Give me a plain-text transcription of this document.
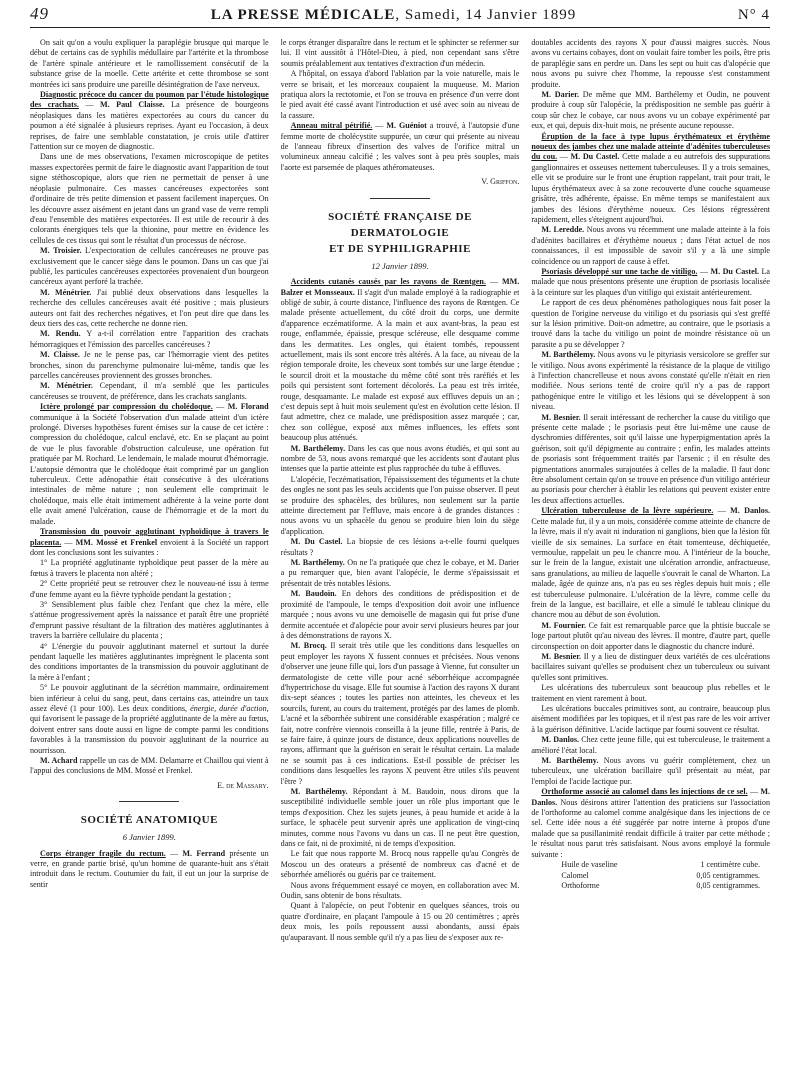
49	LA PRESSE MÉDICALE, Samedi, 14 Janvier 1899	N° 4

On sait qu'on a voulu expliquer la paraplégie brusque qui marque le début de certains cas de syphilis médullaire par l'artérite et la thrombose de l'artère spinale antérieure et le ramollissement consécutif de la substance grise de la moelle. Cette artérite et cette thrombose se sont montrées ici sans produire une pareille désintégration de l'axe nerveux.

Diagnostic précoce du cancer du poumon par l'étude histologique des crachats. — M. Paul Claisse. La présence de bourgeons néoplasiques dans les matières expectorées au cours du cancer du poumon a été signalée à plusieurs reprises. Ayant eu l'occasion, à deux reprises, de faire une semblable constatation, je crois utile d'attirer l'attention sur ce moyen de diagnostic.

Dans une de mes observations, l'examen microscopique de petites masses expectorées permit de faire le diagnostic avant l'apparition de tout signe stéthoscopique, alors que rien ne permettait de penser à une néoplasie pulmonaire. Ces masses cancéreuses expectorées sont d'ordinaire de très petite dimension et passent facilement inaperçues. On les découvre assez aisément en jetant dans un grand vase de verre rempli d'eau l'ensemble des matières expectorées. Il est utile de recourir à des colorants énergiques tels que la thionine, pour mettre en évidence les cellules de ces tissus qui sont le résultat d'un processus de nécrose.

M. Troisier. L'expectoration de cellules cancéreuses ne prouve pas exclusivement que le cancer siège dans le poumon. Dans un cas que j'ai publié, les particules cancéreuses expectorées provenaient d'un bourgeon cancéreux ayant perforé la trachée.

M. Ménétrier. J'ai publié deux observations dans lesquelles la recherche des cellules cancéreuses avait été positive ; mais plusieurs auteurs ont fait des recherches négatives, et l'on peut dire que dans les deux tiers des cas, cette recherche ne donne rien.

M. Rendu. Y a-t-il corrélation entre l'apparition des crachats hémorragiques et l'émission des parcelles cancéreuses ?

M. Claisse. Je ne le pense pas, car l'hémorragie vient des petites bronches, sinon du parenchyme pulmonaire lui-même, tandis que les parcelles cancéreuses proviennent des grosses bronches.

M. Ménétrier. Cependant, il m'a semblé que les particules cancéreuses se trouvent, de préférence, dans les crachats sanglants.

Ictère prolongé par compression du cholédoque. — M. Florand communique à la Société l'observation d'un malade atteint d'un ictère prolongé. Diverses hypothèses furent émises sur la cause de cet ictère : compression du cholédoque, calcul enclavé, etc. En se plaçant au point de vue le plus favorable d'obstruction calculeuse, une opération fut pratiquée par M. Rochard. Le lendemain, le malade mourut d'hémorragie. L'autopsie démontra que le cholédoque était comprimé par un ganglion tuberculeux. Cette adénopathie était consécutive à des ulcérations intestinales de même nature ; non seulement elle comprimait le cholédoque, mais elle était intimement adhérente à la veine porte dont elle avait amené l'ulcération, cause de l'hémorragie et de la mort du malade.

Transmission du pouvoir agglutinant typhoïdique à travers le placenta. — MM. Mossé et Frenkel envoient à la Société un rapport dont les conclusions sont les suivantes :

1° La propriété agglutinante typhoïdique peut passer de la mère au fœtus à travers le placenta non altéré ;

2° Cette propriété peut se retrouver chez le nouveau-né issu à terme d'une femme ayant eu la fièvre typhoïde pendant la gestation ;

3° Sensiblement plus faible chez l'enfant que chez la mère, elle s'atténue progressivement après la naissance et paraît être une propriété d'emprunt passive résultant de la filtration des matières agglutinantes à travers la barrière cellulaire du placenta ;

4° L'énergie du pouvoir agglutinant maternel et surtout la durée pendant laquelle les matières agglutinantes imprègnent le placenta sont des conditions importantes de la transmission du pouvoir agglutinant de la mère à l'enfant ;

5° Le pouvoir agglutinant de la sécrétion mammaire, ordinairement bien inférieur à celui du sang, peut, dans certains cas, atteindre un taux assez élevé (1 pour 100). Les deux conditions, énergie, durée d'action, qui favorisent le passage de la propriété agglutinante de la mère au fœtus, doivent entrer sans doute aussi en ligne de compte parmi les conditions favorables à la transmission du pouvoir agglutinant de la nourrice au nourrisson.

M. Achard rappelle un cas de MM. Delamarre et Chaillou qui vient à l'appui des conclusions de MM. Mossé et Frenkel.

E. de Massary.

SOCIÉTÉ ANATOMIQUE
6 Janvier 1899.

Corps étranger fragile du rectum. — M. Ferrand présente un verre, en grande partie brisé, qu'un homme de quarante-huit ans s'était introduit dans le rectum. Coutumier du fait, il eut un jour la surprise de sentir

le corps étranger disparaître dans le rectum et le sphincter se refermer sur lui. Il vint aussitôt à l'Hôtel-Dieu, à pied, non cependant sans s'être soumis préalablement aux tentatives d'extraction d'un médecin.

A l'hôpital, on essaya d'abord l'ablation par la voie naturelle, mais le verre se brisait, et les morceaux coupaient la muqueuse. M. Marion pratiqua alors la rectotomie, et l'on se trouva en présence d'un verre dont le pied avait été cassé avant l'introduction et usé avec soin au niveau de la cassure.

Anneau mitral pétrifié. — M. Guéniot a trouvé, à l'autopsie d'une femme morte de cholécystite suppurée, un cœur qui présente au niveau de l'anneau fibreux d'insertion des valves de l'orifice mitral un volumineux anneau calcifié ; les valves sont à peu près souples, mais l'aorte est parsemée de plaques athéromateuses.

V. Griffon.

SOCIÉTÉ FRANÇAISE DE DERMATOLOGIE
ET DE SYPHILIGRAPHIE
12 Janvier 1899.

Accidents cutanés causés par les rayons de Rœntgen. — MM. Balzer et Monsseaux. Il s'agit d'un malade employé à la radiographie et obligé de subir, à courte distance, l'influence des rayons de Rœntgen. Ce malade présente actuellement, du côté droit du corps, une dermite d'apparence eczématiforme. A la main et aux avant-bras, la peau est rouge, enflammée, épaissie, presque scléreuse, elle desquame comme dans les dermatites. Les ongles, qui étaient tombés, repoussent actuellement, mais ils sont encore très altérés. A la face, au niveau de la région temporale droite, les cheveux sont tombés sur une large étendue ; le sourcil droit et la moustache du même côté sont très raréfiés et les poils qui persistent sont fortement décolorés. La peau est très irritée, rouge, desquamante. Le malade est exposé aux effluves depuis un an ; c'est depuis sept à huit mois seulement qu'est en évolution cette lésion. Il faut admettre, chez ce malade, une prédisposition assez marquée ; car, chez son collègue, exposé aux mêmes influences, les effets sont beaucoup plus atténués.

M. Barthélemy. Dans les cas que nous avons étudiés, et qui sont au nombre de 53, nous avons remarqué que les accidents sont d'autant plus intenses que la partie atteinte est plus rapprochée du tube à effluves.

L'alopécie, l'eczématisation, l'épaississement des téguments et la chute des ongles ne sont pas les seuls accidents que l'on puisse observer. Il peut se produire des sphacèles, des brûlures, non seulement sur la partie atteinte directement par l'effluve, mais encore à de grandes distances : nous avons vu un sphacèle du genou se produire bien loin du siège d'application.

M. Du Castel. La biopsie de ces lésions a-t-elle fourni quelques résultats ?

M. Barthélemy. On ne l'a pratiquée que chez le cobaye, et M. Darier a pu remarquer que, bien avant l'alopécie, le derme s'épaississait et présentait de très notables lésions.

M. Baudoin. En dehors des conditions de prédisposition et de proximité de l'ampoule, le temps d'exposition doit avoir une influence marquée ; nous avons vu une demoiselle de magasin qui fut prise d'une dermite accentuée et d'alopécie pour avoir servi plusieurs heures par jour à des démonstrations de rayons X.

M. Brocq. Il serait très utile que les conditions dans lesquelles on peut employer les rayons X fussent connues et précisées. Nous venons d'observer une jeune fille qui, lors d'un passage à Vienne, fut consulter un dermatologiste de cette ville pour acné séborrhéique accompagnée d'hypertrichose du visage. Elle fut soumise à l'action des rayons X durant dix-sept séances ; toutes les parties non atteintes, les cheveux et les sourcils, furent, au cours du traitement, protégés par des lames de plomb. L'acné et la séborrhée subirent une considérable exaspération ; malgré ce fait, notre confrère viennois conseilla à la jeune fille, rentrée à Paris, de se faire faire, à quinze jours de distance, deux applications nouvelles de rayons, affirmant que la guérison en serait le résultat certain. La malade ne se soumit pas à ces indications. Est-il possible de préciser les conditions dans lesquelles les rayons X peuvent être utiles s'ils peuvent l'être ?

M. Barthélemy. Répondant à M. Baudoin, nous dirons que la susceptibilité individuelle semble jouer un rôle plus important que le temps d'exposition. Chez les sujets jeunes, à peau humide et acide à la surface, le sphacèle peut survenir après une application de vingt-cinq minutes, comme nous l'avons vu dans un cas. Il ne peut être question, dans ce fait, ni de proximité, ni de temps d'exposition.

Le fait que nous rapporte M. Brocq nous rappelle qu'au Congrès de Moscou un des orateurs a présenté de nombreux cas d'acné et de séborrhée améliorés ou guéris par ce traitement.

Nous avons fréquemment essayé ce moyen, en collaboration avec M. Oudin, sans obtenir de bons résultats.

Quant à l'alopécie, on peut l'obtenir en quelques séances, trois ou quatre d'ordinaire, en plaçant l'ampoule à 15 ou 20 centimètres ; après deux mois, les poils repoussent aussi abondants, aussi épais qu'auparavant. Il nous semble qu'il n'y a pas lieu de s'exposer aux re-

doutables accidents des rayons X pour d'aussi maigres succès. Nous avons vu certains cobayes, dont on voulait faire tomber les poils, être pris de paraplégie sans en perdre un. Dans les sept ou huit cas d'alopécie que nous avons pu suivre chez l'homme, la repousse s'est constamment produite.

M. Darier. De même que MM. Barthélemy et Oudin, ne pouvent produire à coup sûr l'alopécie, la prédisposition ne semble pas guérir à coup sûr chez le cobaye, car nous avons vu un cobaye expérimenté par eux, et qui, depuis dix-huit mois, ne présente aucune repousse.

Éruption de la face à type lupus érythémateux et érythème noueux des jambes chez une malade atteinte d'adénites tuberculeuses du cou. — M. Du Castel. Cette malade a eu autrefois des suppurations ganglionnaires et osseuses nettement tuberculeuses. Il y a trois semaines, elle vit se produire sur le front une éruption rappelant, trait pour trait, le lupus érythémateux avec à sa zone recouverte d'une couche squameuse grisâtre, très adhérente, épaisse. En même temps se manifestaient aux jambes des lésions d'érythème noueux. Ces lésions régressèrent rapidement, elles s'éteignent aujourd'hui.

M. Leredde. Nous avons vu récemment une malade atteinte à la fois d'adénites bacillaires et d'érythème noueux ; dans l'état actuel de nos connaissances, il est impossible de savoir s'il y a là une simple coïncidence ou un rapport de cause à effet.

Psoriasis développé sur une tache de vitiligo. — M. Du Castel. La malade que nous présentons présente une éruption de psoriasis localisée à la ceinture sur les plaques d'un vitiligo qui existait antérieurement.

Le rapport de ces deux phénomènes pathologiques nous fait poser la question de l'origine nerveuse du vitiligo et du psoriasis qui s'est greffé sur la lésion primitive. Doit-on admettre, au contraire, que le psoriasis a trouvé dans la tache du vitiligo un point de moindre résistance où un parasite a pu se développer ?

M. Barthélemy. Nous avons vu le pityriasis versicolore se greffer sur le vitiligo. Nous avons expérimenté la résistance de la plaque de vitiligo à l'infection chancrelleuse et nous avons constaté qu'elle n'était en rien modifiée. Nous serions tenté de croire qu'il n'y a pas de rapport pathogénique entre le vitiligo et les lésions qui se développent à son niveau.

M. Besnier. Il serait intéressant de rechercher la cause du vitiligo que présente cette malade ; le psoriasis peut être lui-même une cause de dyschromies différentes, soit qu'il laisse une hyperpigmentation après la guérison, soit qu'il dépigmente au contraire ; enfin, les malades atteints de psoriasis sont fréquemment traités par l'arsenic ; il en résulte des pigmentations anormales surajoutées à celles de la maladie. Il faut donc être absolument certain qu'on se trouve en présence d'un vitiligo antérieur au psoriasis pour chercher à établir les relations qui peuvent exister entre les deux affections actuelles.

Ulcération tuberculeuse de la lèvre supérieure. — M. Danlos. Cette malade fut, il y a un mois, considérée comme atteinte de chancre de la lèvre, mais il n'y avait ni induration ni ganglions, bien que la lésion fût vieille de six semaines. La surface en était tomenteuse, déchiquetée, vermoulue, rappelait un peu le chancre mou. A l'intérieur de la bouche, sur le frein de la langue, existait une ulcération arrondie, anfractueuse, sans granulations, au milieu de laquelle s'ouvrait le canal de Wharton. La malade, âgée de quinze ans, n'a pas eu ses règles depuis huit mois ; elle est tuberculeuse pulmonaire. L'ulcération de la lèvre, comme celle du frein de la langue, est bacillaire, et elle a simulé le tableau clinique du chancre mou au début de son évolution.

M. Fournier. Ce fait est remarquable parce que la phtisie buccale se loge partout plutôt qu'au niveau des lèvres. Il montre, d'autre part, quelle circonspection on doit apporter dans le diagnostic du chancre induré.

M. Besnier. Il y a lieu de distinguer deux variétés de ces ulcérations bacillaires suivant qu'elles se produisent chez un tuberculeux ou suivant qu'elles sont primitives.

Les ulcérations des tuberculeux sont beaucoup plus rebelles et le traitement en vient rarement à bout.

Les ulcérations buccales primitives sont, au contraire, beaucoup plus aisément modifiées par les topiques, et il n'est pas rare de les voir arriver à la guérison définitive. L'acide lactique par fourni souvent ce résultat.

M. Danlos. Chez cette jeune fille, qui est tuberculeuse, le traitement a amélioré l'état local.

M. Barthélemy. Nous avons vu guérir complètement, chez un tuberculeux, une ulcération bacillaire qu'il présentait au méat, par l'emploi de l'acide lactique pur.

Orthoforme associé au calomel dans les injections de ce sel. — M. Danlos. Nous désirons attirer l'attention des praticiens sur l'association de l'orthoforme au calomel comme analgésique dans les injections de ce sel. Cette idée nous a été suggérée par notre interne à propos d'une malade que sa pusillanimité rendait difficile à traiter par cette méthode ; le résultat nous parut très satisfaisant. Nous avons employé la formule suivante :

Huile de vaseline	1 centimètre cube.
Calomel	0,05 centigrammes.
Orthoforme	0,05 centigrammes.
